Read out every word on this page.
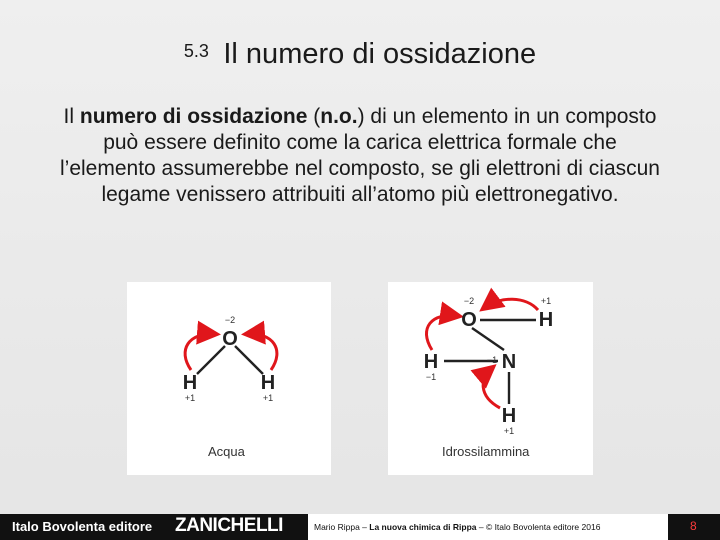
5.3 Il numero di ossidazione

Il numero di ossidazione (n.o.) di un elemento in un composto può essere definito come la carica elettrica formale che l’elemento assumerebbe nel composto, se gli elettroni di ciascun legame venissero attribuiti all’atomo più elettronegativo.

−2
O
H	H
+1	+1
Acqua
−2
O
+1
H
H
−1
−1 N
H
+1
Idrossilammina
Italo Bovolenta editore ZANICHELLI	Mario Rippa – La nuova chimica di Rippa – © Italo Bovolenta editore 2016	8
